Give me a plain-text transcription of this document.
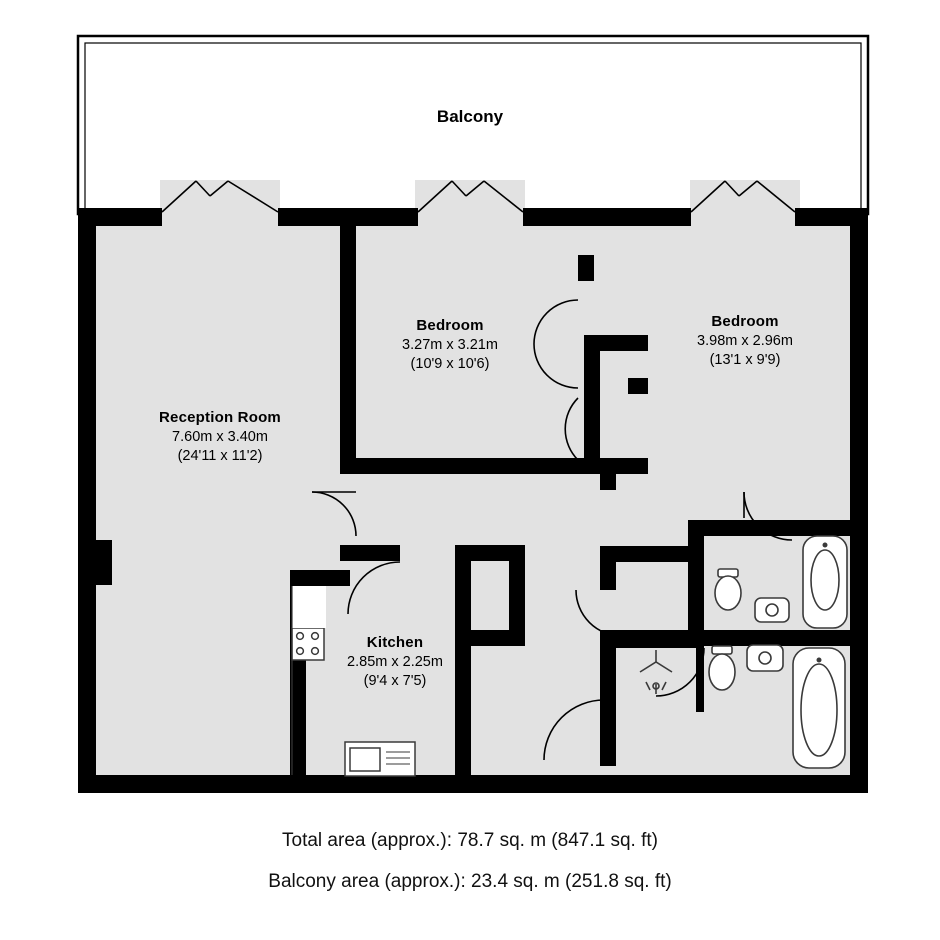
Balcony
Reception Room
7.60m x 3.40m
(24'11 x 11'2)
Bedroom
3.27m x 3.21m
(10'9 x 10'6)
Bedroom
3.98m x 2.96m
(13'1 x 9'9)
Kitchen
2.85m x 2.25m
(9'4 x 7'5)
Total area (approx.): 78.7 sq. m (847.1 sq. ft)
Balcony area (approx.): 23.4 sq. m (251.8 sq. ft)
